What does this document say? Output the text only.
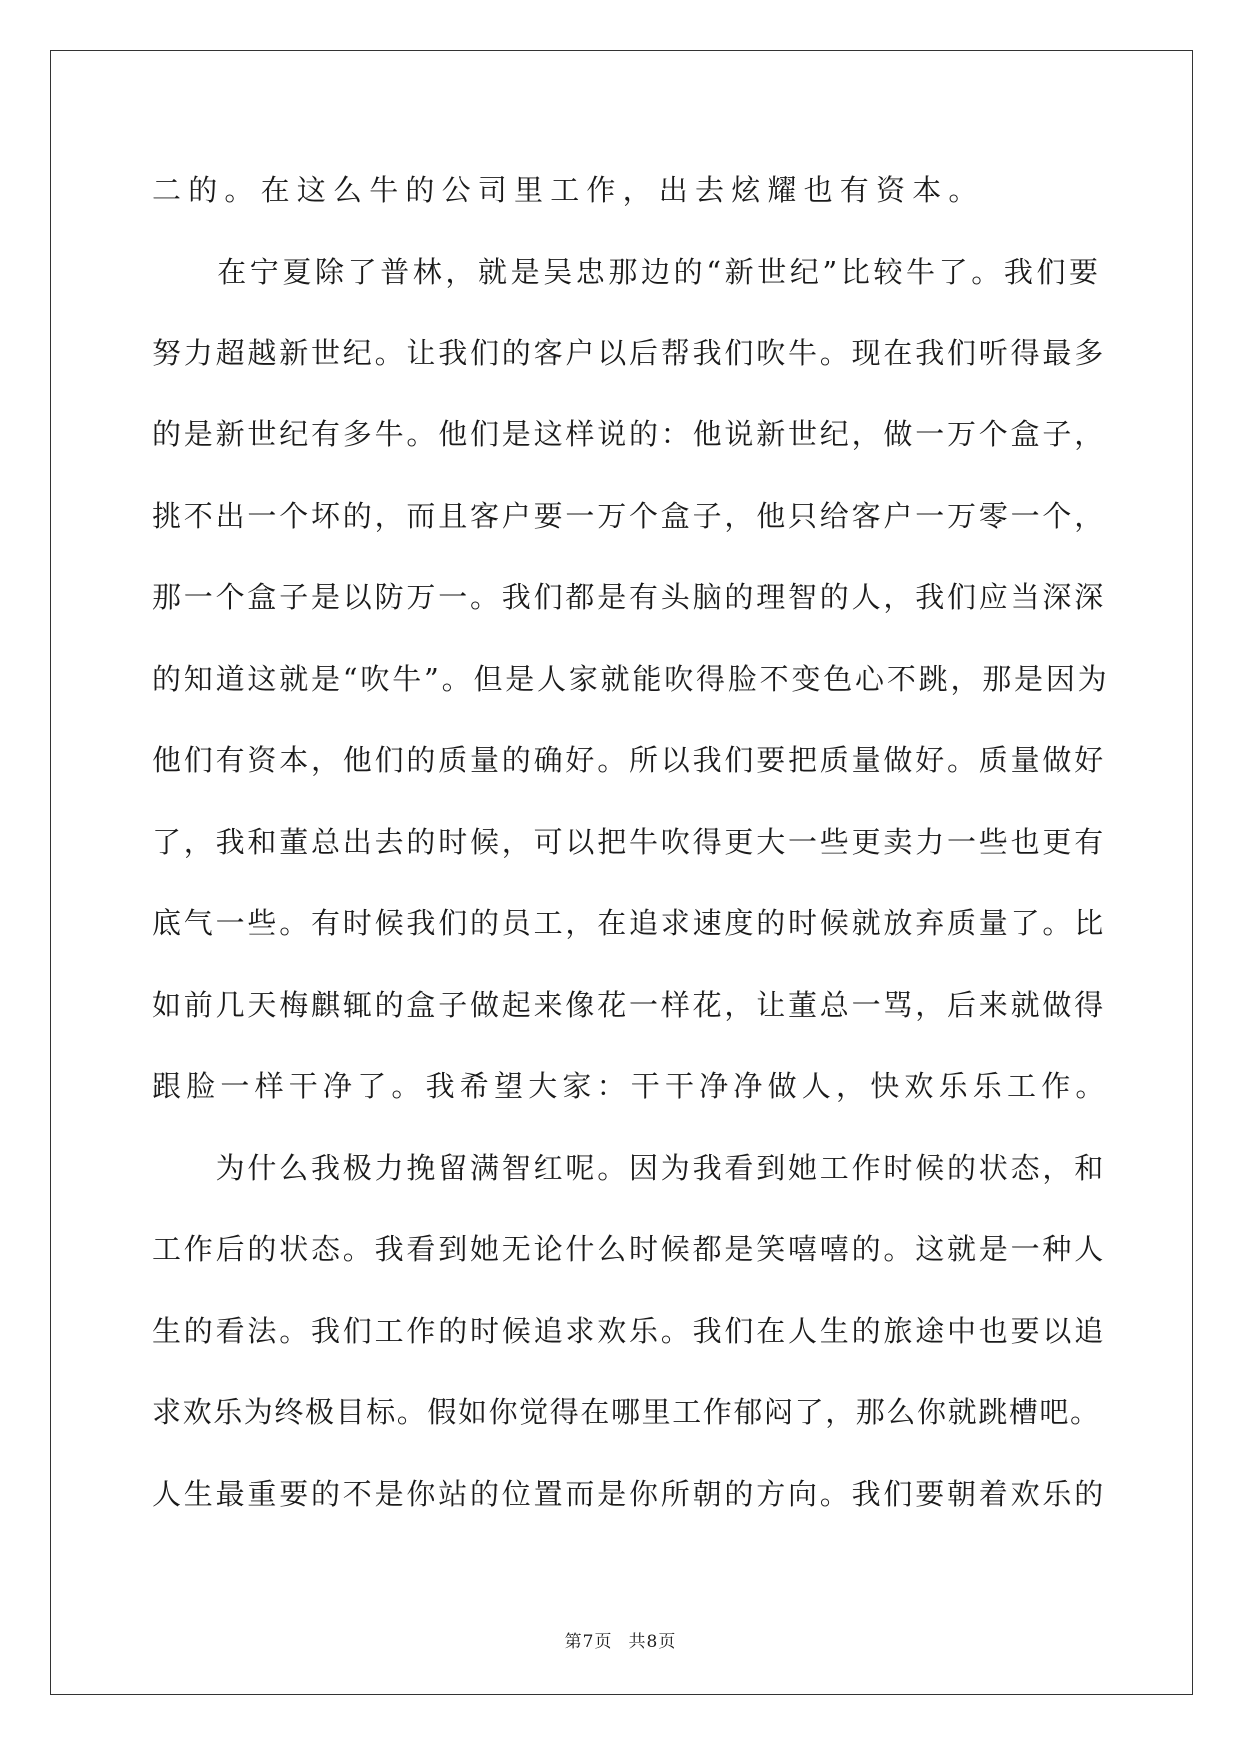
二的。在这么牛的公司里工作，出去炫耀也有资本。
　　在宁夏除了普林，就是吴忠那边的“新世纪”比较牛了。我们要
努力超越新世纪。让我们的客户以后帮我们吹牛。现在我们听得最多
的是新世纪有多牛。他们是这样说的：他说新世纪，做一万个盒子，
挑不出一个坏的，而且客户要一万个盒子，他只给客户一万零一个，
那一个盒子是以防万一。我们都是有头脑的理智的人，我们应当深深
的知道这就是“吹牛”。但是人家就能吹得脸不变色心不跳，那是因为
他们有资本，他们的质量的确好。所以我们要把质量做好。质量做好
了，我和董总出去的时候，可以把牛吹得更大一些更卖力一些也更有
底气一些。有时候我们的员工，在追求速度的时候就放弃质量了。比
如前几天梅麒辄的盒子做起来像花一样花，让董总一骂，后来就做得
跟脸一样干净了。我希望大家：干干净净做人，快欢乐乐工作。
　　为什么我极力挽留满智红呢。因为我看到她工作时候的状态，和
工作后的状态。我看到她无论什么时候都是笑嘻嘻的。这就是一种人
生的看法。我们工作的时候追求欢乐。我们在人生的旅途中也要以追
求欢乐为终极目标。假如你觉得在哪里工作郁闷了，那么你就跳槽吧。
人生最重要的不是你站的位置而是你所朝的方向。我们要朝着欢乐的
第7页 共8页
